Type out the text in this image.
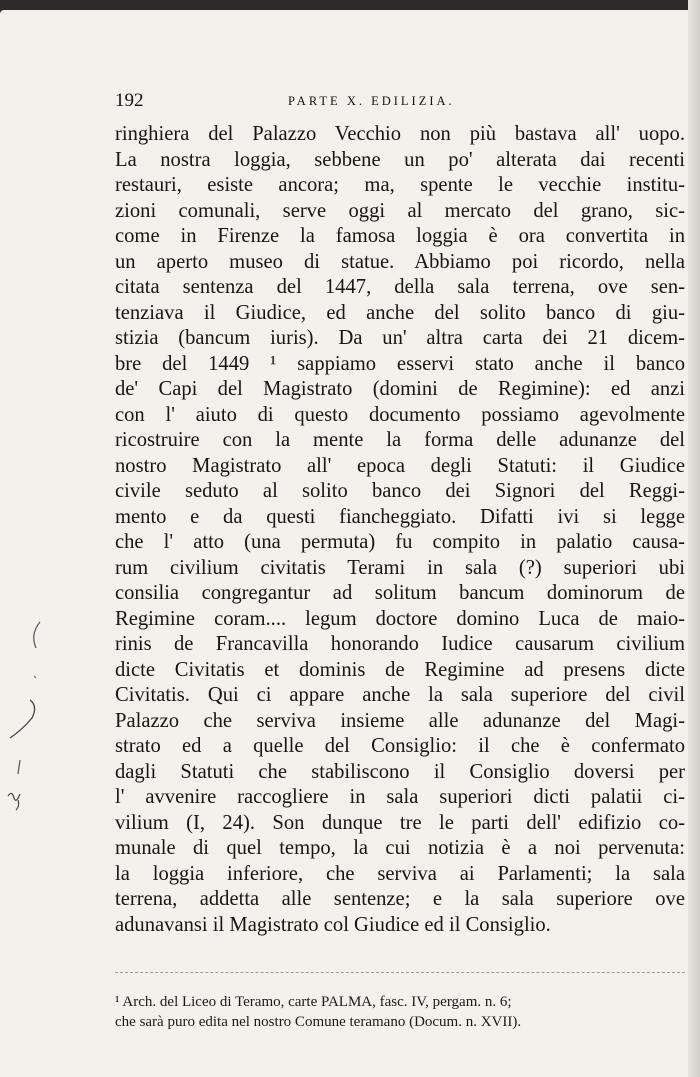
192	PARTE X. EDILIZIA.
ringhiera del Palazzo Vecchio non più bastava all' uopo.
La nostra loggia, sebbene un po' alterata dai recenti
restauri, esiste ancora; ma, spente le vecchie institu-
zioni comunali, serve oggi al mercato del grano, sic-
come in Firenze la famosa loggia è ora convertita in
un aperto museo di statue. Abbiamo poi ricordo, nella
citata sentenza del 1447, della sala terrena, ove sen-
tenziava il Giudice, ed anche del solito banco di giu-
stizia (bancum iuris). Da un' altra carta dei 21 dicem-
bre del 1449 ¹ sappiamo esservi stato anche il banco
de' Capi del Magistrato (domini de Regimine): ed anzi
con l' aiuto di questo documento possiamo agevolmente
ricostruire con la mente la forma delle adunanze del
nostro Magistrato all' epoca degli Statuti: il Giudice
civile seduto al solito banco dei Signori del Reggi-
mento e da questi fiancheggiato. Difatti ivi si legge
che l' atto (una permuta) fu compito in palatio causa-
rum civilium civitatis Terami in sala (?) superiori ubi
consilia congregantur ad solitum bancum dominorum de
Regimine coram.... legum doctore domino Luca de maio-
rinis de Francavilla honorando Iudice causarum civilium
dicte Civitatis et dominis de Regimine ad presens dicte
Civitatis. Qui ci appare anche la sala superiore del civil
Palazzo che serviva insieme alle adunanze del Magi-
strato ed a quelle del Consiglio: il che è confermato
dagli Statuti che stabiliscono il Consiglio doversi per
l' avvenire raccogliere in sala superiori dicti palatii ci-
vilium (I, 24). Son dunque tre le parti dell' edifizio co-
munale di quel tempo, la cui notizia è a noi pervenuta:
la loggia inferiore, che serviva ai Parlamenti; la sala
terrena, addetta alle sentenze; e la sala superiore ove
adunavansi il Magistrato col Giudice ed il Consiglio.
¹ Arch. del Liceo di Teramo, carte PALMA, fasc. IV, pergam. n. 6;
che sarà puro edita nel nostro Comune teramano (Docum. n. XVII).
